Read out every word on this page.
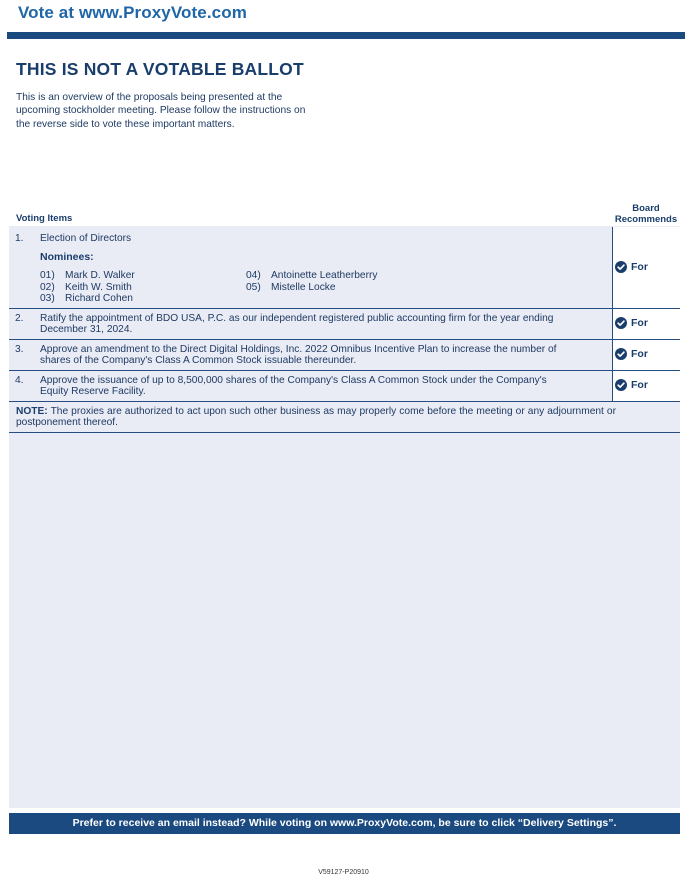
Vote at www.ProxyVote.com
THIS IS NOT A VOTABLE BALLOT
This is an overview of the proposals being presented at the
upcoming stockholder meeting. Please follow the instructions on
the reverse side to vote these important matters.
Voting Items
Board
Recommends
1. Election of Directors
Nominees:
01) Mark D. Walker
02) Keith W. Smith
03) Richard Cohen
04) Antoinette Leatherberry
05) Mistelle Locke
For
2. Ratify the appointment of BDO USA, P.C. as our independent registered public accounting firm for the year ending
December 31, 2024.
For
3. Approve an amendment to the Direct Digital Holdings, Inc. 2022 Omnibus Incentive Plan to increase the number of
shares of the Company's Class A Common Stock issuable thereunder.
For
4. Approve the issuance of up to 8,500,000 shares of the Company's Class A Common Stock under the Company's
Equity Reserve Facility.
For
NOTE: The proxies are authorized to act upon such other business as may properly come before the meeting or any adjournment or postponement thereof.
Prefer to receive an email instead? While voting on www.ProxyVote.com, be sure to click “Delivery Settings”.
V59127-P20910
